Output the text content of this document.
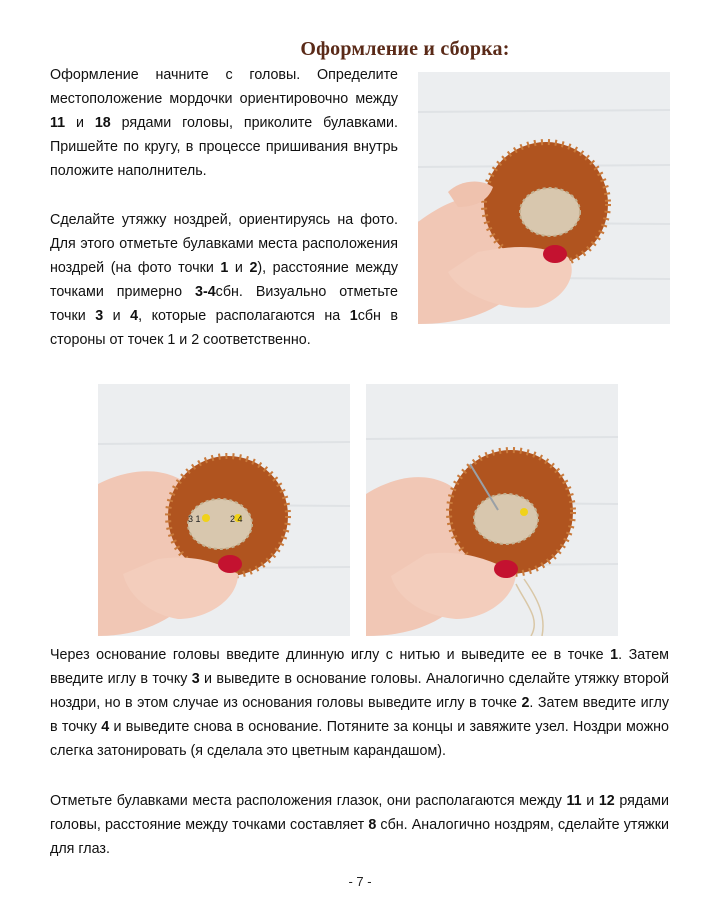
Оформление и сборка:

Оформление начните с головы. Определите местоположение мордочки ориентировочно между 11 и 18 рядами головы, приколите булавками. Пришейте по кругу, в процессе пришивания внутрь положите наполнитель.

Сделайте утяжку ноздрей, ориентируясь на фото. Для этого отметьте булавками места расположения ноздрей (на фото точки 1 и 2), расстояние между точками примерно 3-4сбн. Визуально отметьте точки 3 и 4, которые располагаются на 1сбн в стороны от точек 1 и 2 соответственно.

3 1	2 4

Через основание головы введите длинную иглу с нитью и выведите ее в точке 1. Затем введите иглу в точку 3 и выведите в основание головы. Аналогично сделайте утяжку второй ноздри, но в этом случае из основания головы выведите иглу в точке 2. Затем введите иглу в точку 4 и выведите снова в основание. Потяните за концы и завяжите узел. Ноздри можно слегка затонировать (я сделала это цветным карандашом).

Отметьте булавками места расположения глазок, они располагаются между 11 и 12 рядами головы, расстояние между точками составляет 8 сбн. Аналогично ноздрям, сделайте утяжки для глаз.

- 7 -
